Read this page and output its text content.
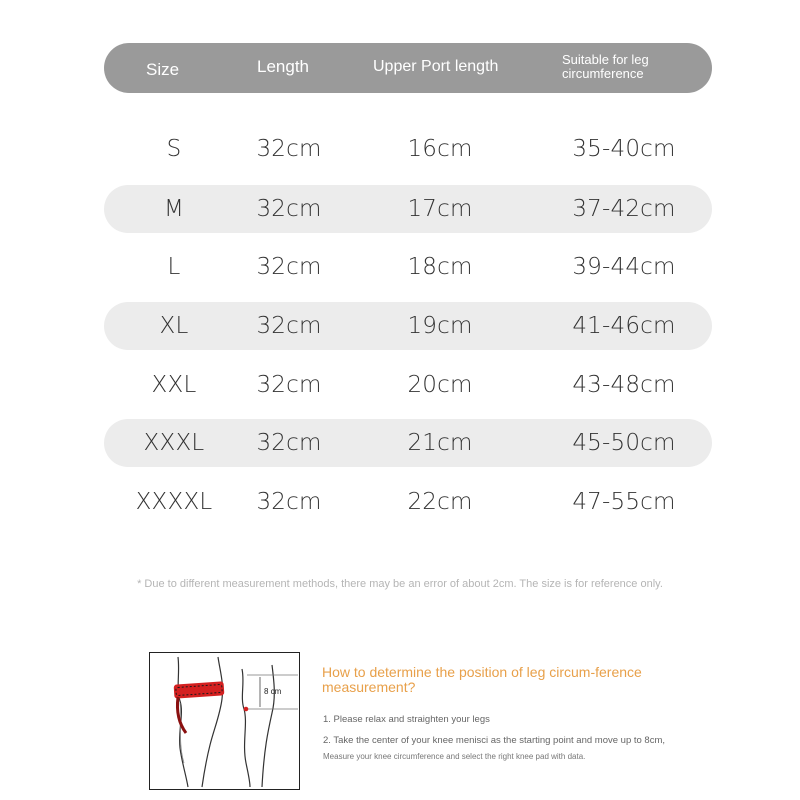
Size	Length	Upper Port length	Suitable for leg circumference
S	32cm	16cm	35-40cm
M	32cm	17cm	37-42cm
L	32cm	18cm	39-44cm
XL	32cm	19cm	41-46cm
XXL	32cm	20cm	43-48cm
XXXL	32cm	21cm	45-50cm
XXXXL	32cm	22cm	47-55cm
* Due to different measurement methods, there may be an error of about 2cm. The size is for reference only.
8 cm
How to determine the position of leg circum-ference measurement?
1. Please relax and straighten your legs
2. Take the center of your knee menisci as the starting point and move up to 8cm,
Measure your knee circumference and select the right knee pad with data.
